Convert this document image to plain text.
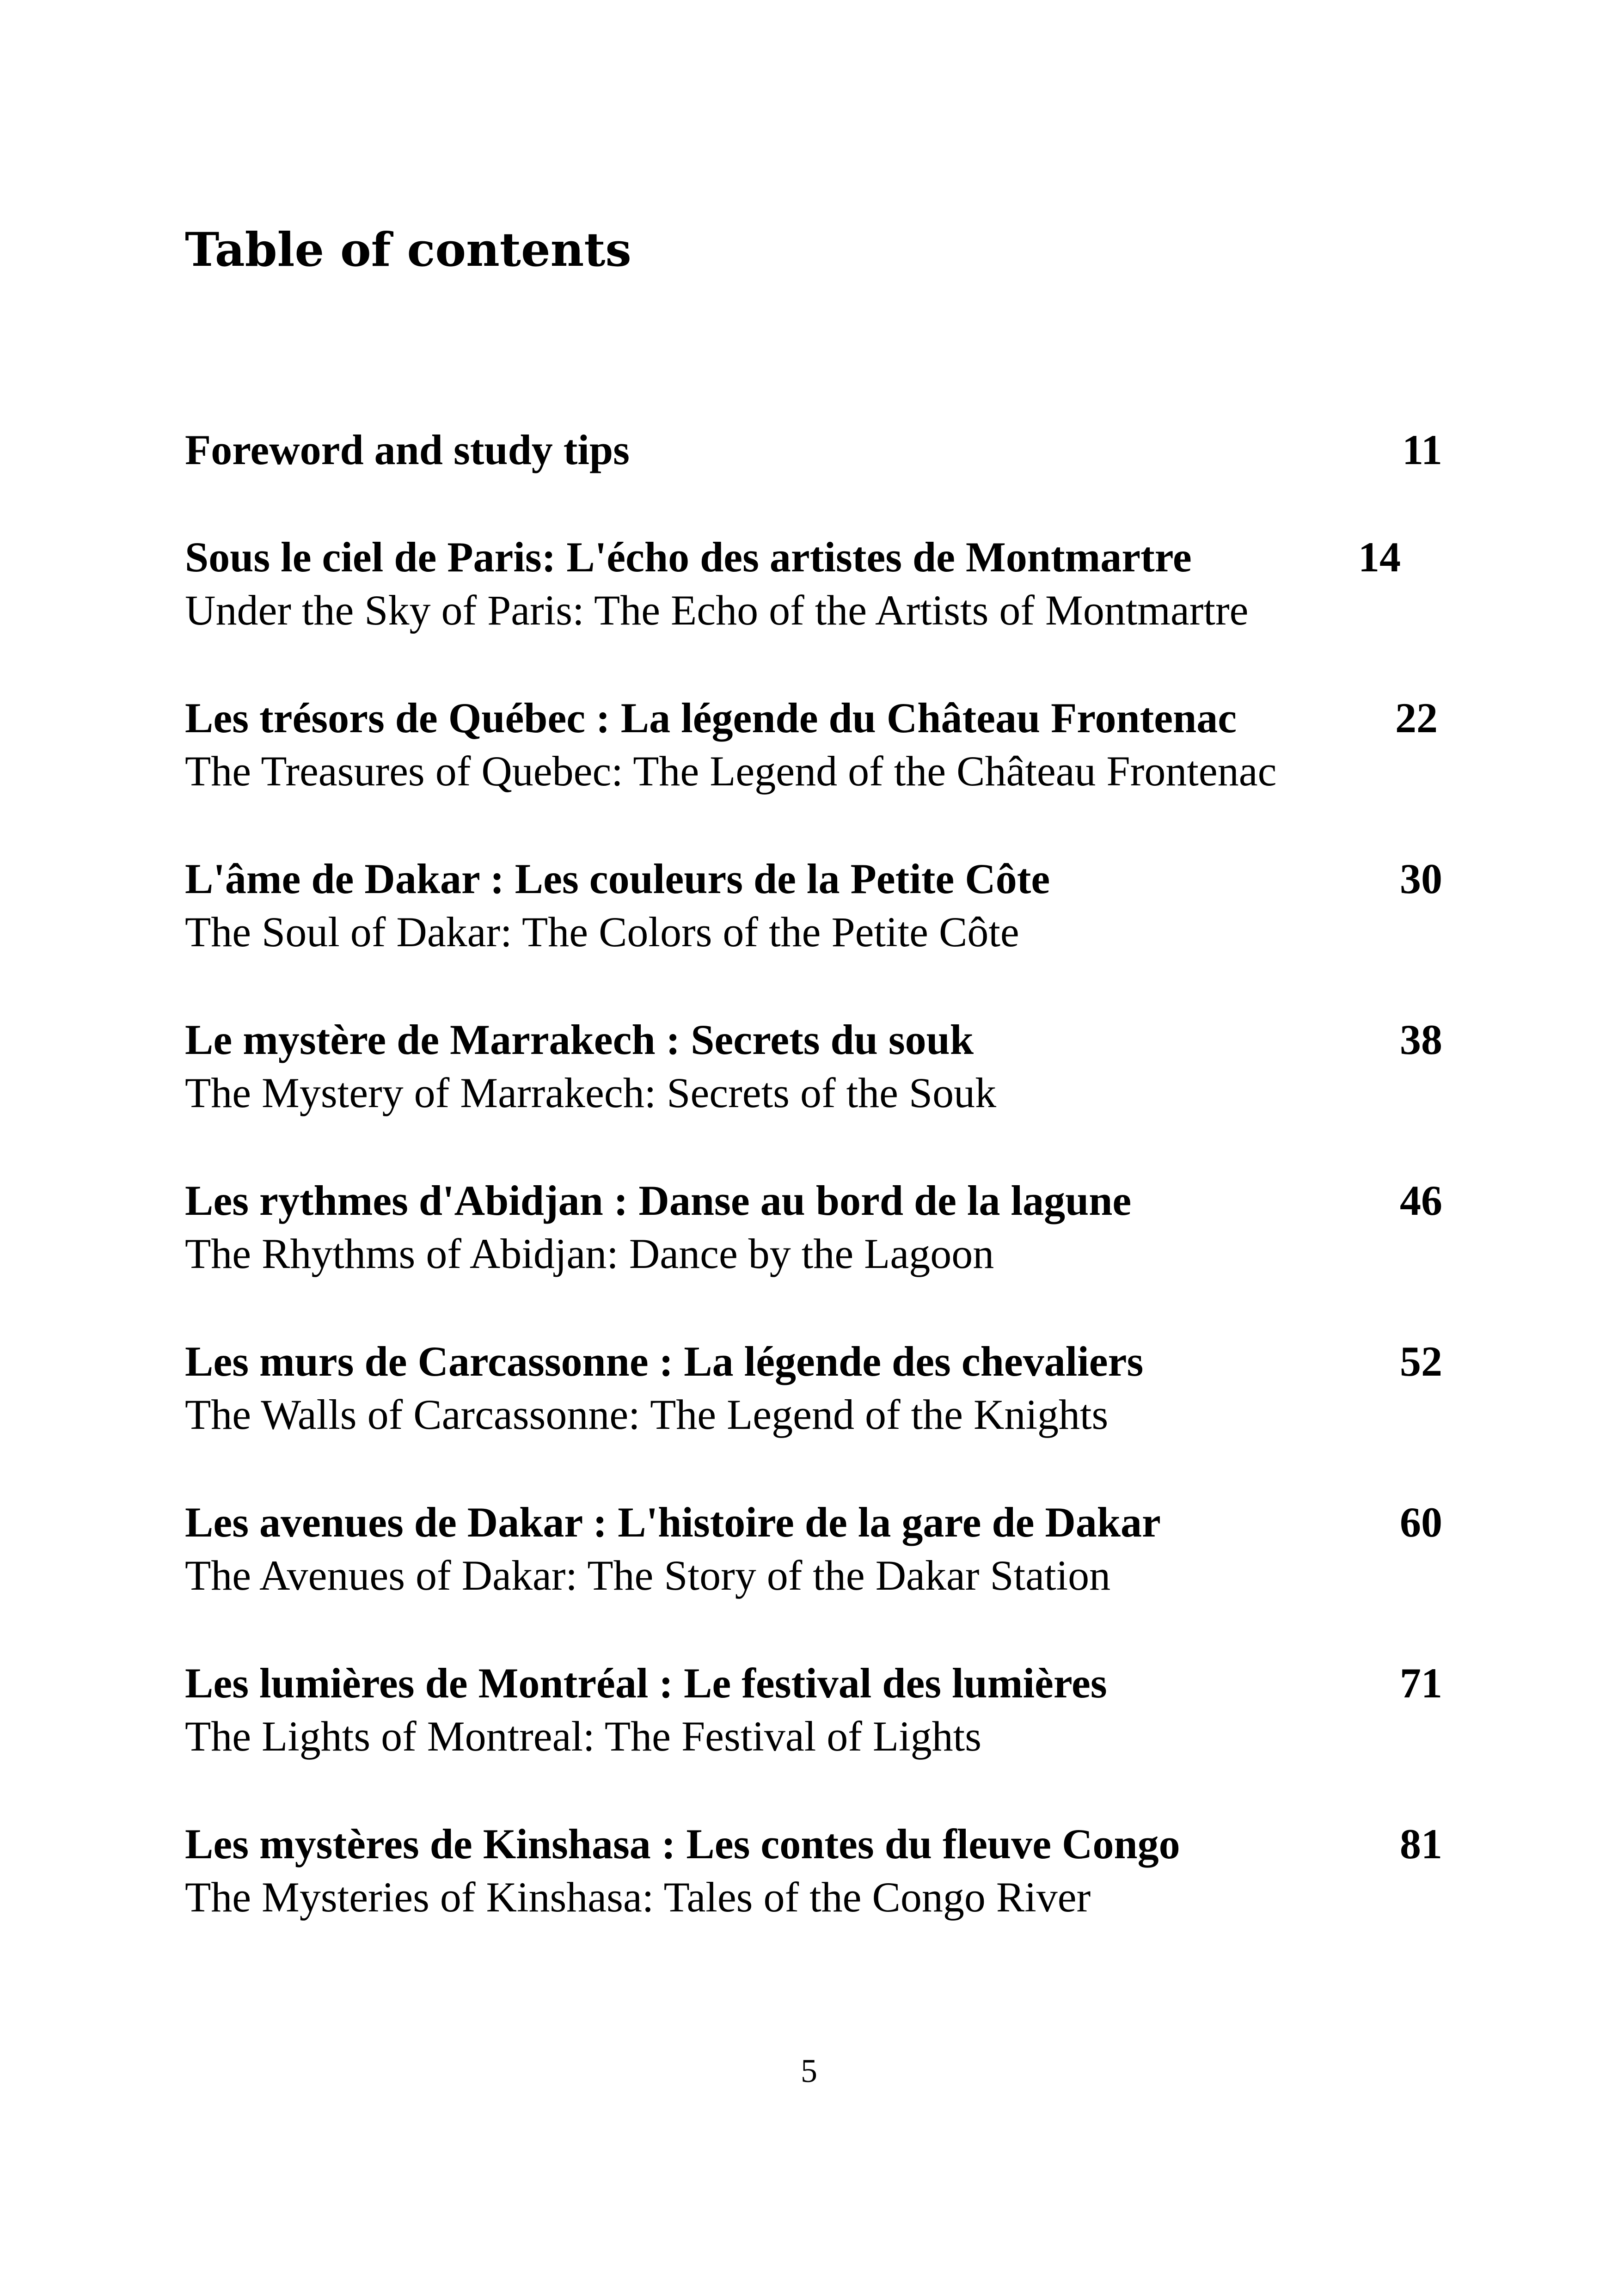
Table of contents
Foreword and study tips	11
Sous le ciel de Paris: L'écho des artistes de Montmartre
Under the Sky of Paris: The Echo of the Artists of Montmartre
14
Les trésors de Québec : La légende du Château Frontenac
The Treasures of Quebec: The Legend of the Château Frontenac
22
L'âme de Dakar : Les couleurs de la Petite Côte
The Soul of Dakar: The Colors of the Petite Côte
30
Le mystère de Marrakech : Secrets du souk
The Mystery of Marrakech: Secrets of the Souk
38
Les rythmes d'Abidjan : Danse au bord de la lagune
The Rhythms of Abidjan: Dance by the Lagoon
46
Les murs de Carcassonne : La légende des chevaliers
The Walls of Carcassonne: The Legend of the Knights
52
Les avenues de Dakar : L'histoire de la gare de Dakar
The Avenues of Dakar: The Story of the Dakar Station
60
Les lumières de Montréal : Le festival des lumières
The Lights of Montreal: The Festival of Lights
71
Les mystères de Kinshasa : Les contes du fleuve Congo
The Mysteries of Kinshasa: Tales of the Congo River
81
5
